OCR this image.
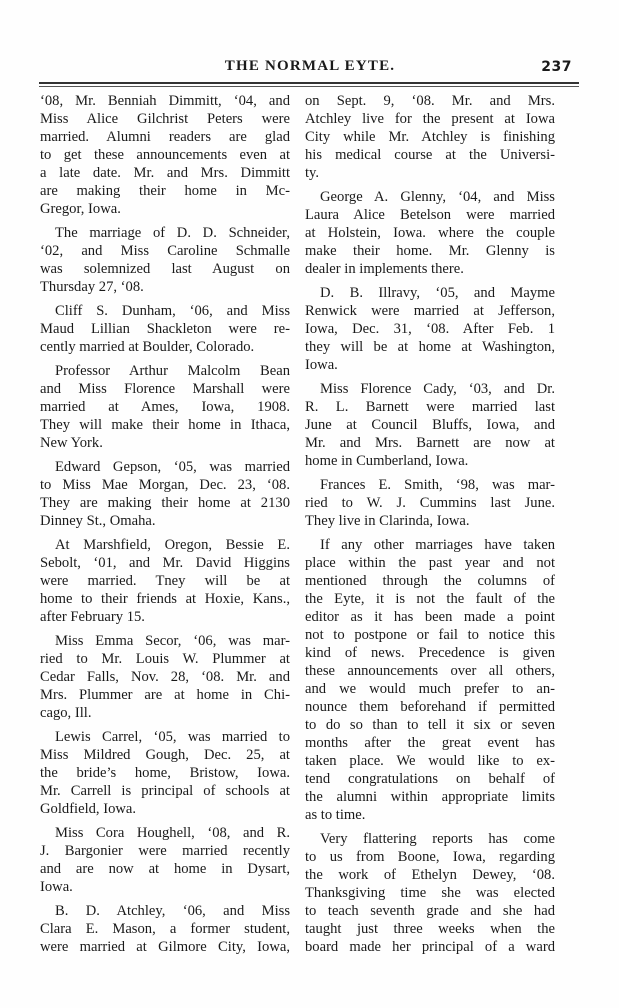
THE NORMAL EYTE.	237
‘08, Mr. Benniah Dimmitt, ‘04, and
Miss Alice Gilchrist Peters were
married. Alumni readers are glad
to get these announcements even at
a late date. Mr. and Mrs. Dimmitt
are making their home in Mc-
Gregor, Iowa.
The marriage of D. D. Schneider,
‘02, and Miss Caroline Schmalle
was solemnized last August on
Thursday 27, ‘08.
Cliff S. Dunham, ‘06, and Miss
Maud Lillian Shackleton were re-
cently married at Boulder, Colorado.
Professor Arthur Malcolm Bean
and Miss Florence Marshall were
married at Ames, Iowa, 1908.
They will make their home in Ithaca,
New York.
Edward Gepson, ‘05, was married
to Miss Mae Morgan, Dec. 23, ‘08.
They are making their home at 2130
Dinney St., Omaha.
At Marshfield, Oregon, Bessie E.
Sebolt, ‘01, and Mr. David Higgins
were married. Tney will be at
home to their friends at Hoxie, Kans.,
after February 15.
Miss Emma Secor, ‘06, was mar-
ried to Mr. Louis W. Plummer at
Cedar Falls, Nov. 28, ‘08. Mr. and
Mrs. Plummer are at home in Chi-
cago, Ill.
Lewis Carrel, ‘05, was married to
Miss Mildred Gough, Dec. 25, at
the bride’s home, Bristow, Iowa.
Mr. Carrell is principal of schools at
Goldfield, Iowa.
Miss Cora Houghell, ‘08, and R.
J. Bargonier were married recently
and are now at home in Dysart,
Iowa.
B. D. Atchley, ‘06, and Miss
Clara E. Mason, a former student,
were married at Gilmore City, Iowa,
on Sept. 9, ‘08. Mr. and Mrs.
Atchley live for the present at Iowa
City while Mr. Atchley is finishing
his medical course at the Universi-
ty.
George A. Glenny, ‘04, and Miss
Laura Alice Betelson were married
at Holstein, Iowa. where the couple
make their home. Mr. Glenny is
dealer in implements there.
D. B. Illravy, ‘05, and Mayme
Renwick were married at Jefferson,
Iowa, Dec. 31, ‘08. After Feb. 1
they will be at home at Washington,
Iowa.
Miss Florence Cady, ‘03, and Dr.
R. L. Barnett were married last
June at Council Bluffs, Iowa, and
Mr. and Mrs. Barnett are now at
home in Cumberland, Iowa.
Frances E. Smith, ‘98, was mar-
ried to W. J. Cummins last June.
They live in Clarinda, Iowa.
If any other marriages have taken
place within the past year and not
mentioned through the columns of
the Eyte, it is not the fault of the
editor as it has been made a point
not to postpone or fail to notice this
kind of news. Precedence is given
these announcements over all others,
and we would much prefer to an-
nounce them beforehand if permitted
to do so than to tell it six or seven
months after the great event has
taken place. We would like to ex-
tend congratulations on behalf of
the alumni within appropriate limits
as to time.
Very flattering reports has come
to us from Boone, Iowa, regarding
the work of Ethelyn Dewey, ‘08.
Thanksgiving time she was elected
to teach seventh grade and she had
taught just three weeks when the
board made her principal of a ward
